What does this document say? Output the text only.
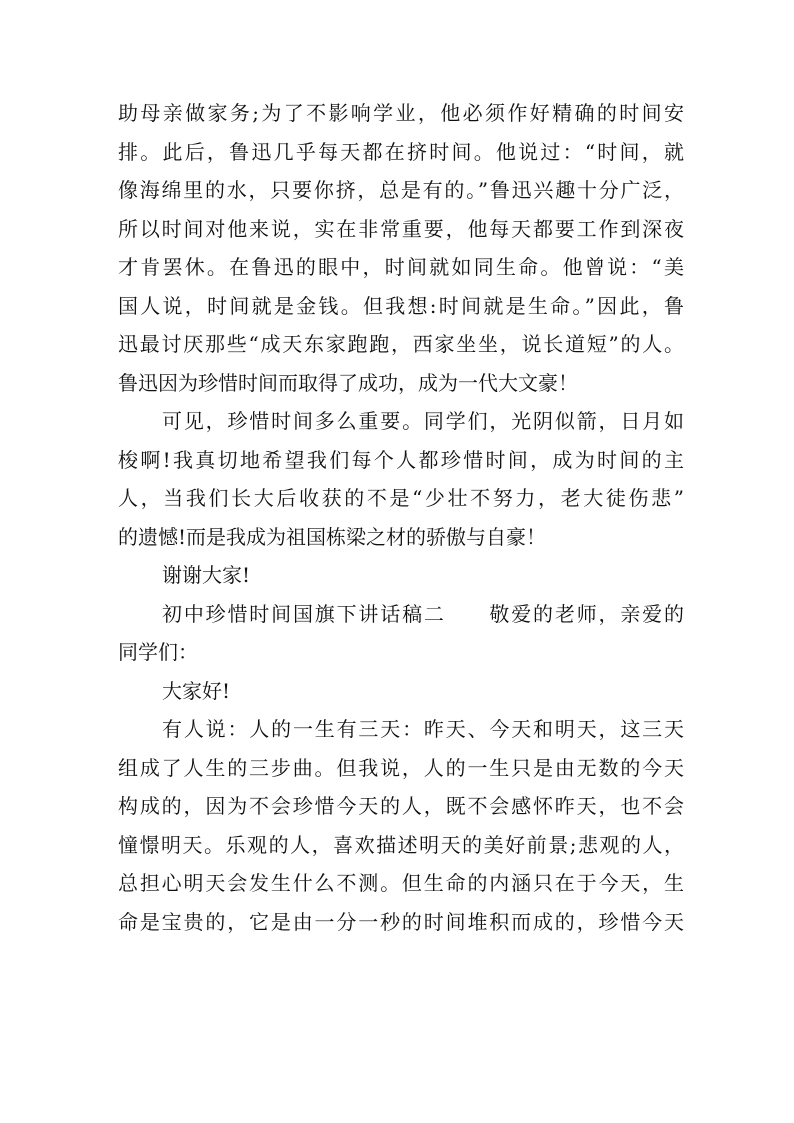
助母亲做家务;为了不影响学业，他必须作好精确的时间安
排。此后，鲁迅几乎每天都在挤时间。他说过：“时间，就
像海绵里的水，只要你挤，总是有的。”鲁迅兴趣十分广泛，
所以时间对他来说，实在非常重要，他每天都要工作到深夜
才肯罢休。在鲁迅的眼中，时间就如同生命。他曾说：“美
国人说，时间就是金钱。但我想:时间就是生命。”因此，鲁
迅最讨厌那些“成天东家跑跑，西家坐坐，说长道短”的人。
鲁迅因为珍惜时间而取得了成功，成为一代大文豪！
可见，珍惜时间多么重要。同学们，光阴似箭，日月如
梭啊!我真切地希望我们每个人都珍惜时间，成为时间的主
人，当我们长大后收获的不是“少壮不努力，老大徒伤悲”
的遗憾!而是我成为祖国栋梁之材的骄傲与自豪！
谢谢大家!
初中珍惜时间国旗下讲话稿二　　敬爱的老师，亲爱的
同学们：
大家好!
有人说：人的一生有三天：昨天、今天和明天，这三天
组成了人生的三步曲。但我说，人的一生只是由无数的今天
构成的，因为不会珍惜今天的人，既不会感怀昨天，也不会
憧憬明天。乐观的人，喜欢描述明天的美好前景;悲观的人，
总担心明天会发生什么不测。但生命的内涵只在于今天，生
命是宝贵的，它是由一分一秒的时间堆积而成的，珍惜今天
